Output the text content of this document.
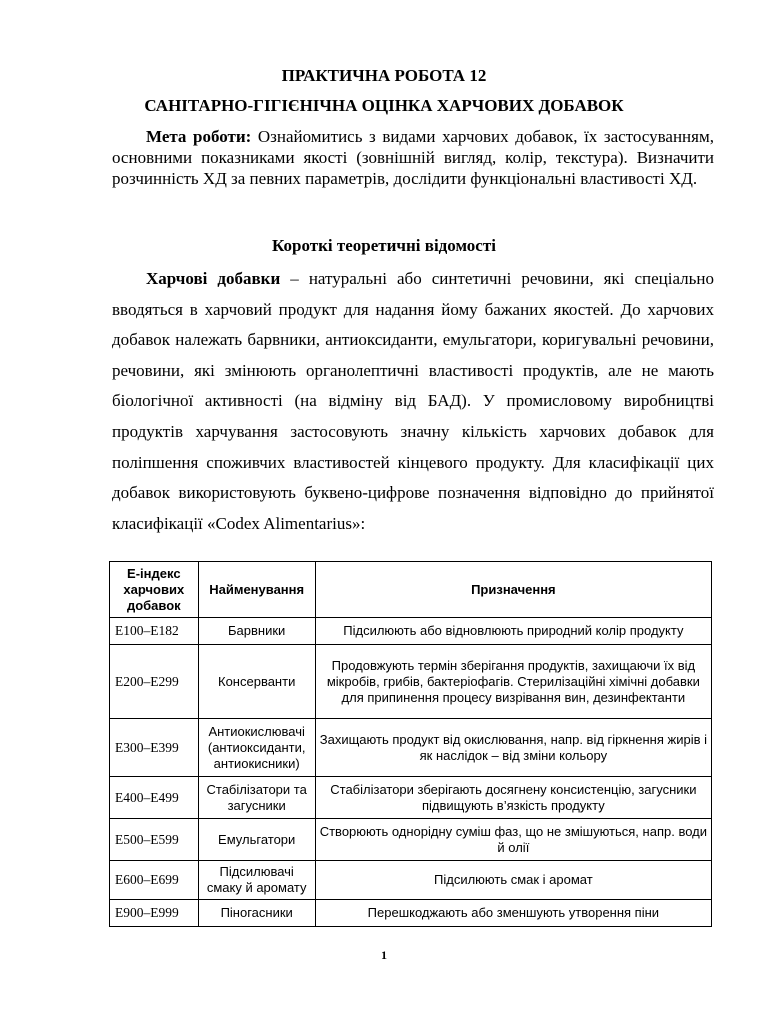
ПРАКТИЧНА РОБОТА 12
САНІТАРНО-ГІГІЄНІЧНА ОЦІНКА ХАРЧОВИХ ДОБАВОК

Мета роботи: Ознайомитись з видами харчових добавок, їх застосуванням, основними показниками якості (зовнішній вигляд, колір, текстура). Визначити розчинність ХД за певних параметрів, дослідити функціональні властивості ХД.

Короткі теоретичні відомості

Харчові добавки – натуральні або синтетичні речовини, які спеціально вводяться в харчовий продукт для надання йому бажаних якостей. До харчових добавок належать барвники, антиоксиданти, емульгатори, коригувальні речовини, речовини, які змінюють органолептичні властивості продуктів, але не мають біологічної активності (на відміну від БАД). У промисловому виробництві продуктів харчування застосовують значну кількість харчових добавок для поліпшення споживчих властивостей кінцевого продукту. Для класифікації цих добавок використовують буквено-цифрове позначення відповідно до прийнятої класифікації «Codex Alimentarius»:

Е-індекс харчових добавок	Найменування	Призначення
Е100–Е182	Барвники	Підсилюють або відновлюють природний колір продукту
Е200–Е299	Консерванти	Продовжують термін зберігання продуктів, захищаючи їх від мікробів, грибів, бактеріофагів. Стерилізаційні хімічні добавки для припинення процесу визрівання вин, дезинфектанти
Е300–Е399	Антиокислювачі (антиоксиданти, антиокисники)	Захищають продукт від окислювання, напр. від гіркнення жирів і як наслідок – від зміни кольору
Е400–Е499	Стабілізатори та загусники	Стабілізатори зберігають досягнену консистенцію, загусники підвищують в’язкість продукту
Е500–Е599	Емульгатори	Створюють однорідну суміш фаз, що не змішуються, напр. води й олії
Е600–Е699	Підсилювачі смаку й аромату	Підсилюють смак і аромат
Е900–Е999	Піногасники	Перешкоджають або зменшують утворення піни
1
